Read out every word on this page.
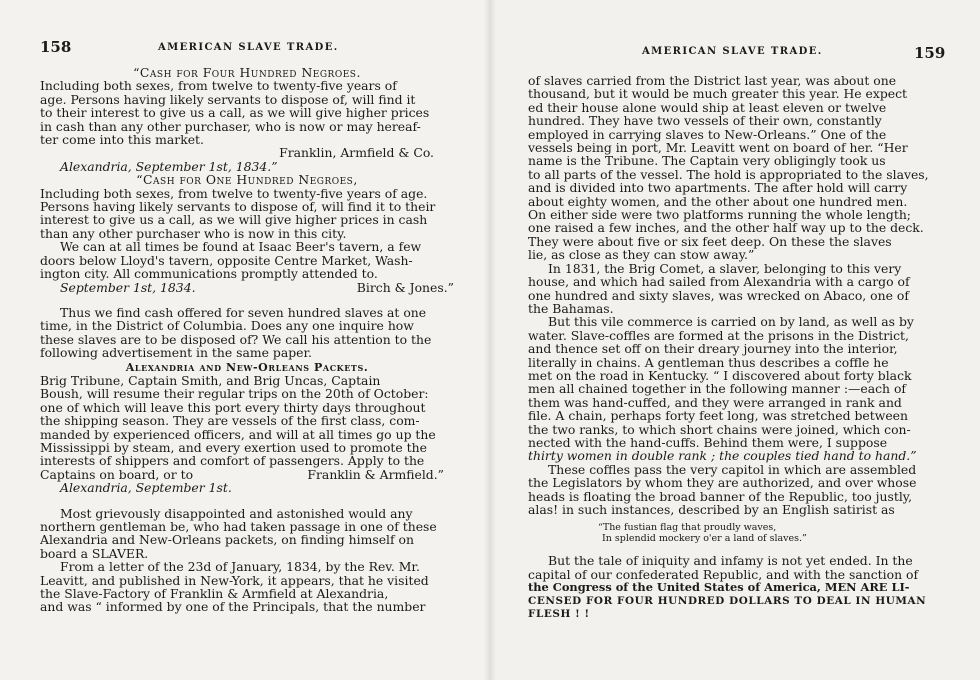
158	AMERICAN SLAVE TRADE.

“Cash for Four Hundred Negroes.

Including both sexes, from twelve to twenty-five years of

age. Persons having likely servants to dispose of, will find it

to their interest to give us a call, as we will give higher prices

in cash than any other purchaser, who is now or may hereaf-

ter come into this market.

Franklin, Armfield & Co.

Alexandria, September 1st, 1834.”

“Cash for One Hundred Negroes,

Including both sexes, from twelve to twenty-five years of age.

Persons having likely servants to dispose of, will find it to their

interest to give us a call, as we will give higher prices in cash

than any other purchaser who is now in this city.

We can at all times be found at Isaac Beer's tavern, a few

doors below Lloyd's tavern, opposite Centre Market, Wash-

ington city. All communications promptly attended to.

September 1st, 1834.	Birch & Jones.”

Thus we find cash offered for seven hundred slaves at one

time, in the District of Columbia. Does any one inquire how

these slaves are to be disposed of? We call his attention to the

following advertisement in the same paper.

Alexandria and New-Orleans Packets.

Brig Tribune, Captain Smith, and Brig Uncas, Captain

Boush, will resume their regular trips on the 20th of October:

one of which will leave this port every thirty days throughout

the shipping season. They are vessels of the first class, com-

manded by experienced officers, and will at all times go up the

Mississippi by steam, and every exertion used to promote the

interests of shippers and comfort of passengers. Apply to the

Captains on board, or to	Franklin & Armfield.”

Alexandria, September 1st.

Most grievously disappointed and astonished would any

northern gentleman be, who had taken passage in one of these

Alexandria and New-Orleans packets, on finding himself on

board a SLAVER.

From a letter of the 23d of January, 1834, by the Rev. Mr.

Leavitt, and published in New-York, it appears, that he visited

the Slave-Factory of Franklin & Armfield at Alexandria,

and was “ informed by one of the Principals, that the number

AMERICAN SLAVE TRADE.	159

of slaves carried from the District last year, was about one

thousand, but it would be much greater this year. He expect

ed their house alone would ship at least eleven or twelve

hundred. They have two vessels of their own, constantly

employed in carrying slaves to New-Orleans.” One of the

vessels being in port, Mr. Leavitt went on board of her. “Her

name is the Tribune. The Captain very obligingly took us

to all parts of the vessel. The hold is appropriated to the slaves,

and is divided into two apartments. The after hold will carry

about eighty women, and the other about one hundred men.

On either side were two platforms running the whole length;

one raised a few inches, and the other half way up to the deck.

They were about five or six feet deep. On these the slaves

lie, as close as they can stow away.”

In 1831, the Brig Comet, a slaver, belonging to this very

house, and which had sailed from Alexandria with a cargo of

one hundred and sixty slaves, was wrecked on Abaco, one of

the Bahamas.

But this vile commerce is carried on by land, as well as by

water. Slave-coffles are formed at the prisons in the District,

and thence set off on their dreary journey into the interior,

literally in chains. A gentleman thus describes a coffle he

met on the road in Kentucky. “ I discovered about forty black

men all chained together in the following manner :—each of

them was hand-cuffed, and they were arranged in rank and

file. A chain, perhaps forty feet long, was stretched between

the two ranks, to which short chains were joined, which con-

nected with the hand-cuffs. Behind them were, I suppose

thirty women in double rank ; the couples tied hand to hand.”

These coffles pass the very capitol in which are assembled

the Legislators by whom they are authorized, and over whose

heads is floating the broad banner of the Republic, too justly,

alas! in such instances, described by an English satirist as

“The fustian flag that proudly waves,
In splendid mockery o'er a land of slaves.”

But the tale of iniquity and infamy is not yet ended. In the

capital of our confederated Republic, and with the sanction of

the Congress of the United States of America, MEN ARE LI-

CENSED FOR FOUR HUNDRED DOLLARS TO DEAL IN HUMAN

FLESH ! !
